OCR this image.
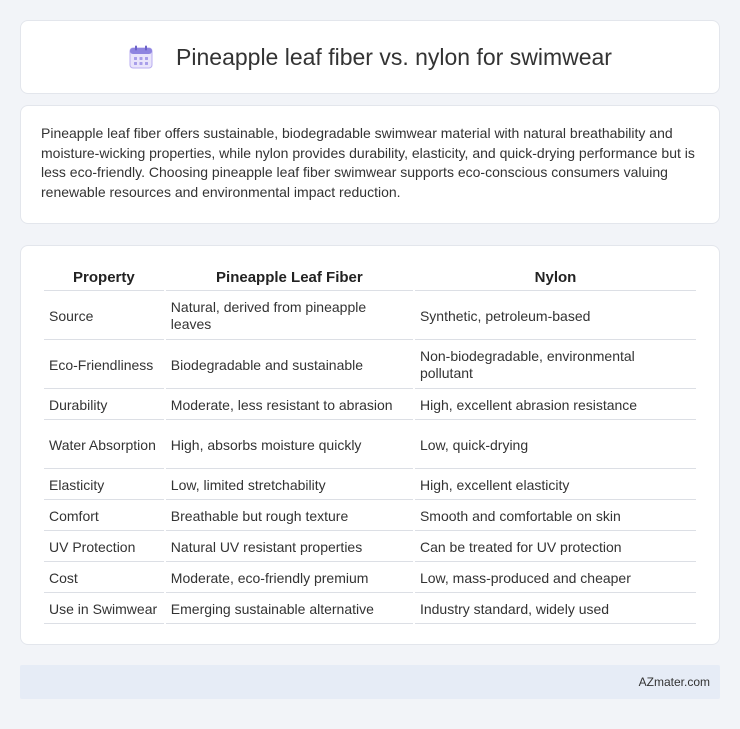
Pineapple leaf fiber vs. nylon for swimwear

Pineapple leaf fiber offers sustainable, biodegradable swimwear material with natural breathability and moisture-wicking properties, while nylon provides durability, elasticity, and quick-drying performance but is less eco-friendly. Choosing pineapple leaf fiber swimwear supports eco-conscious consumers valuing renewable resources and environmental impact reduction.

Property	Pineapple Leaf Fiber	Nylon
Source	Natural, derived from pineapple leaves	Synthetic, petroleum-based
Eco-Friendliness	Biodegradable and sustainable	Non-biodegradable, environmental pollutant
Durability	Moderate, less resistant to abrasion	High, excellent abrasion resistance
Water Absorption	High, absorbs moisture quickly	Low, quick-drying
Elasticity	Low, limited stretchability	High, excellent elasticity
Comfort	Breathable but rough texture	Smooth and comfortable on skin
UV Protection	Natural UV resistant properties	Can be treated for UV protection
Cost	Moderate, eco-friendly premium	Low, mass-produced and cheaper
Use in Swimwear	Emerging sustainable alternative	Industry standard, widely used
AZmater.com
